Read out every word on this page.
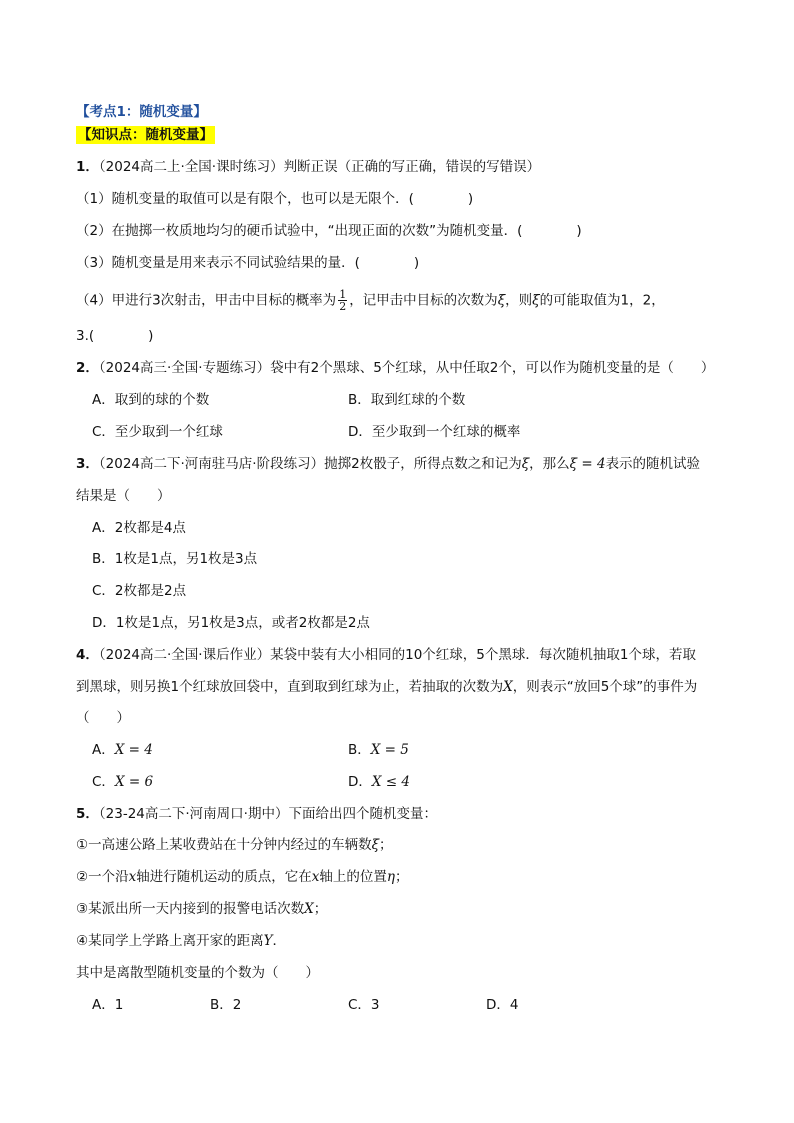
【考点1：随机变量】
【知识点：随机变量】
1．（2024高二上·全国·课时练习）判断正误（正确的写正确，错误的写错误）
（1）随机变量的取值可以是有限个，也可以是无限个．(　　　　)
（2）在抛掷一枚质地均匀的硬币试验中，“出现正面的次数”为随机变量．(　　　　)
（3）随机变量是用来表示不同试验结果的量．(　　　　)
（4）甲进行3次射击，甲击中目标的概率为 $\frac{1}{2}$ ，记甲击中目标的次数为ξ，则ξ的可能取值为1，2，
3.(　　　　)
2．（2024高三·全国·专题练习）袋中有2个黑球、5个红球，从中任取2个，可以作为随机变量的是（　　）
A．取到的球的个数	B．取到红球的个数
C．至少取到一个红球	D．至少取到一个红球的概率
3．（2024高二下·河南驻马店·阶段练习）抛掷2枚骰子，所得点数之和记为ξ，那么ξ = 4表示的随机试验
结果是（　　）
A．2枚都是4点
B．1枚是1点，另1枚是3点
C．2枚都是2点
D．1枚是1点，另1枚是3点，或者2枚都是2点
4．（2024高二·全国·课后作业）某袋中装有大小相同的10个红球，5个黑球．每次随机抽取1个球，若取
到黑球，则另换1个红球放回袋中，直到取到红球为止，若抽取的次数为X，则表示“放回5个球”的事件为
（　　）
A．X = 4	B．X = 5
C．X = 6	D．X ≤ 4
5．（23-24高二下·河南周口·期中）下面给出四个随机变量：
①一高速公路上某收费站在十分钟内经过的车辆数ξ；
②一个沿x轴进行随机运动的质点，它在x轴上的位置η；
③某派出所一天内接到的报警电话次数X；
④某同学上学路上离开家的距离Y．
其中是离散型随机变量的个数为（　　）
A．1	B．2	C．3	D．4
